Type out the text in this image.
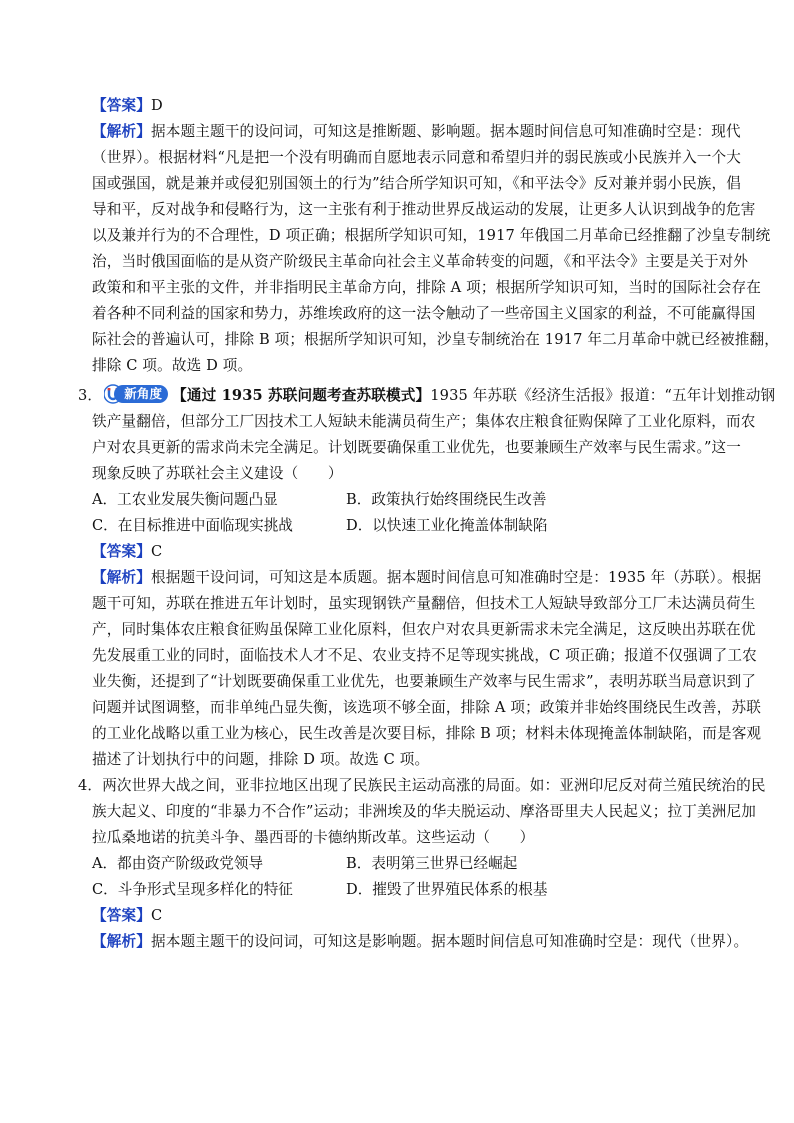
【答案】D
【解析】据本题主题干的设问词，可知这是推断题、影响题。据本题时间信息可知准确时空是：现代
（世界）。根据材料“凡是把一个没有明确而自愿地表示同意和希望归并的弱民族或小民族并入一个大
国或强国，就是兼并或侵犯别国领土的行为”结合所学知识可知，《和平法令》反对兼并弱小民族，倡
导和平，反对战争和侵略行为，这一主张有利于推动世界反战运动的发展，让更多人认识到战争的危害
以及兼并行为的不合理性，D 项正确；根据所学知识可知，1917 年俄国二月革命已经推翻了沙皇专制统
治，当时俄国面临的是从资产阶级民主革命向社会主义革命转变的问题，《和平法令》主要是关于对外
政策和和平主张的文件，并非指明民主革命方向，排除 A 项；根据所学知识可知，当时的国际社会存在
着各种不同利益的国家和势力，苏维埃政府的这一法令触动了一些帝国主义国家的利益，不可能赢得国
际社会的普遍认可，排除 B 项；根据所学知识可知，沙皇专制统治在 1917 年二月革命中就已经被推翻，
排除 C 项。故选 D 项。
3．	新角度 【通过 1935 苏联问题考查苏联模式】1935 年苏联《经济生活报》报道：“五年计划推动钢
铁产量翻倍，但部分工厂因技术工人短缺未能满员荷生产；集体农庄粮食征购保障了工业化原料，而农
户对农具更新的需求尚未完全满足。计划既要确保重工业优先，也要兼顾生产效率与民生需求。”这一
现象反映了苏联社会主义建设（　　）
A．工农业发展失衡问题凸显	B．政策执行始终围绕民生改善
C．在目标推进中面临现实挑战	D．以快速工业化掩盖体制缺陷
【答案】C
【解析】根据题干设问词，可知这是本质题。据本题时间信息可知准确时空是：1935 年（苏联）。根据
题干可知，苏联在推进五年计划时，虽实现钢铁产量翻倍，但技术工人短缺导致部分工厂未达满员荷生
产，同时集体农庄粮食征购虽保障工业化原料，但农户对农具更新需求未完全满足，这反映出苏联在优
先发展重工业的同时，面临技术人才不足、农业支持不足等现实挑战，C 项正确；报道不仅强调了工农
业失衡，还提到了“计划既要确保重工业优先，也要兼顾生产效率与民生需求”，表明苏联当局意识到了
问题并试图调整，而非单纯凸显失衡，该选项不够全面，排除 A 项；政策并非始终围绕民生改善，苏联
的工业化战略以重工业为核心，民生改善是次要目标，排除 B 项；材料未体现掩盖体制缺陷，而是客观
描述了计划执行中的问题，排除 D 项。故选 C 项。
4．两次世界大战之间，亚非拉地区出现了民族民主运动高涨的局面。如：亚洲印尼反对荷兰殖民统治的民
族大起义、印度的“非暴力不合作”运动；非洲埃及的华夫脱运动、摩洛哥里夫人民起义；拉丁美洲尼加
拉瓜桑地诺的抗美斗争、墨西哥的卡德纳斯改革。这些运动（　　）
A．都由资产阶级政党领导	B．表明第三世界已经崛起
C．斗争形式呈现多样化的特征	D．摧毁了世界殖民体系的根基
【答案】C
【解析】据本题主题干的设问词，可知这是影响题。据本题时间信息可知准确时空是：现代（世界）。
